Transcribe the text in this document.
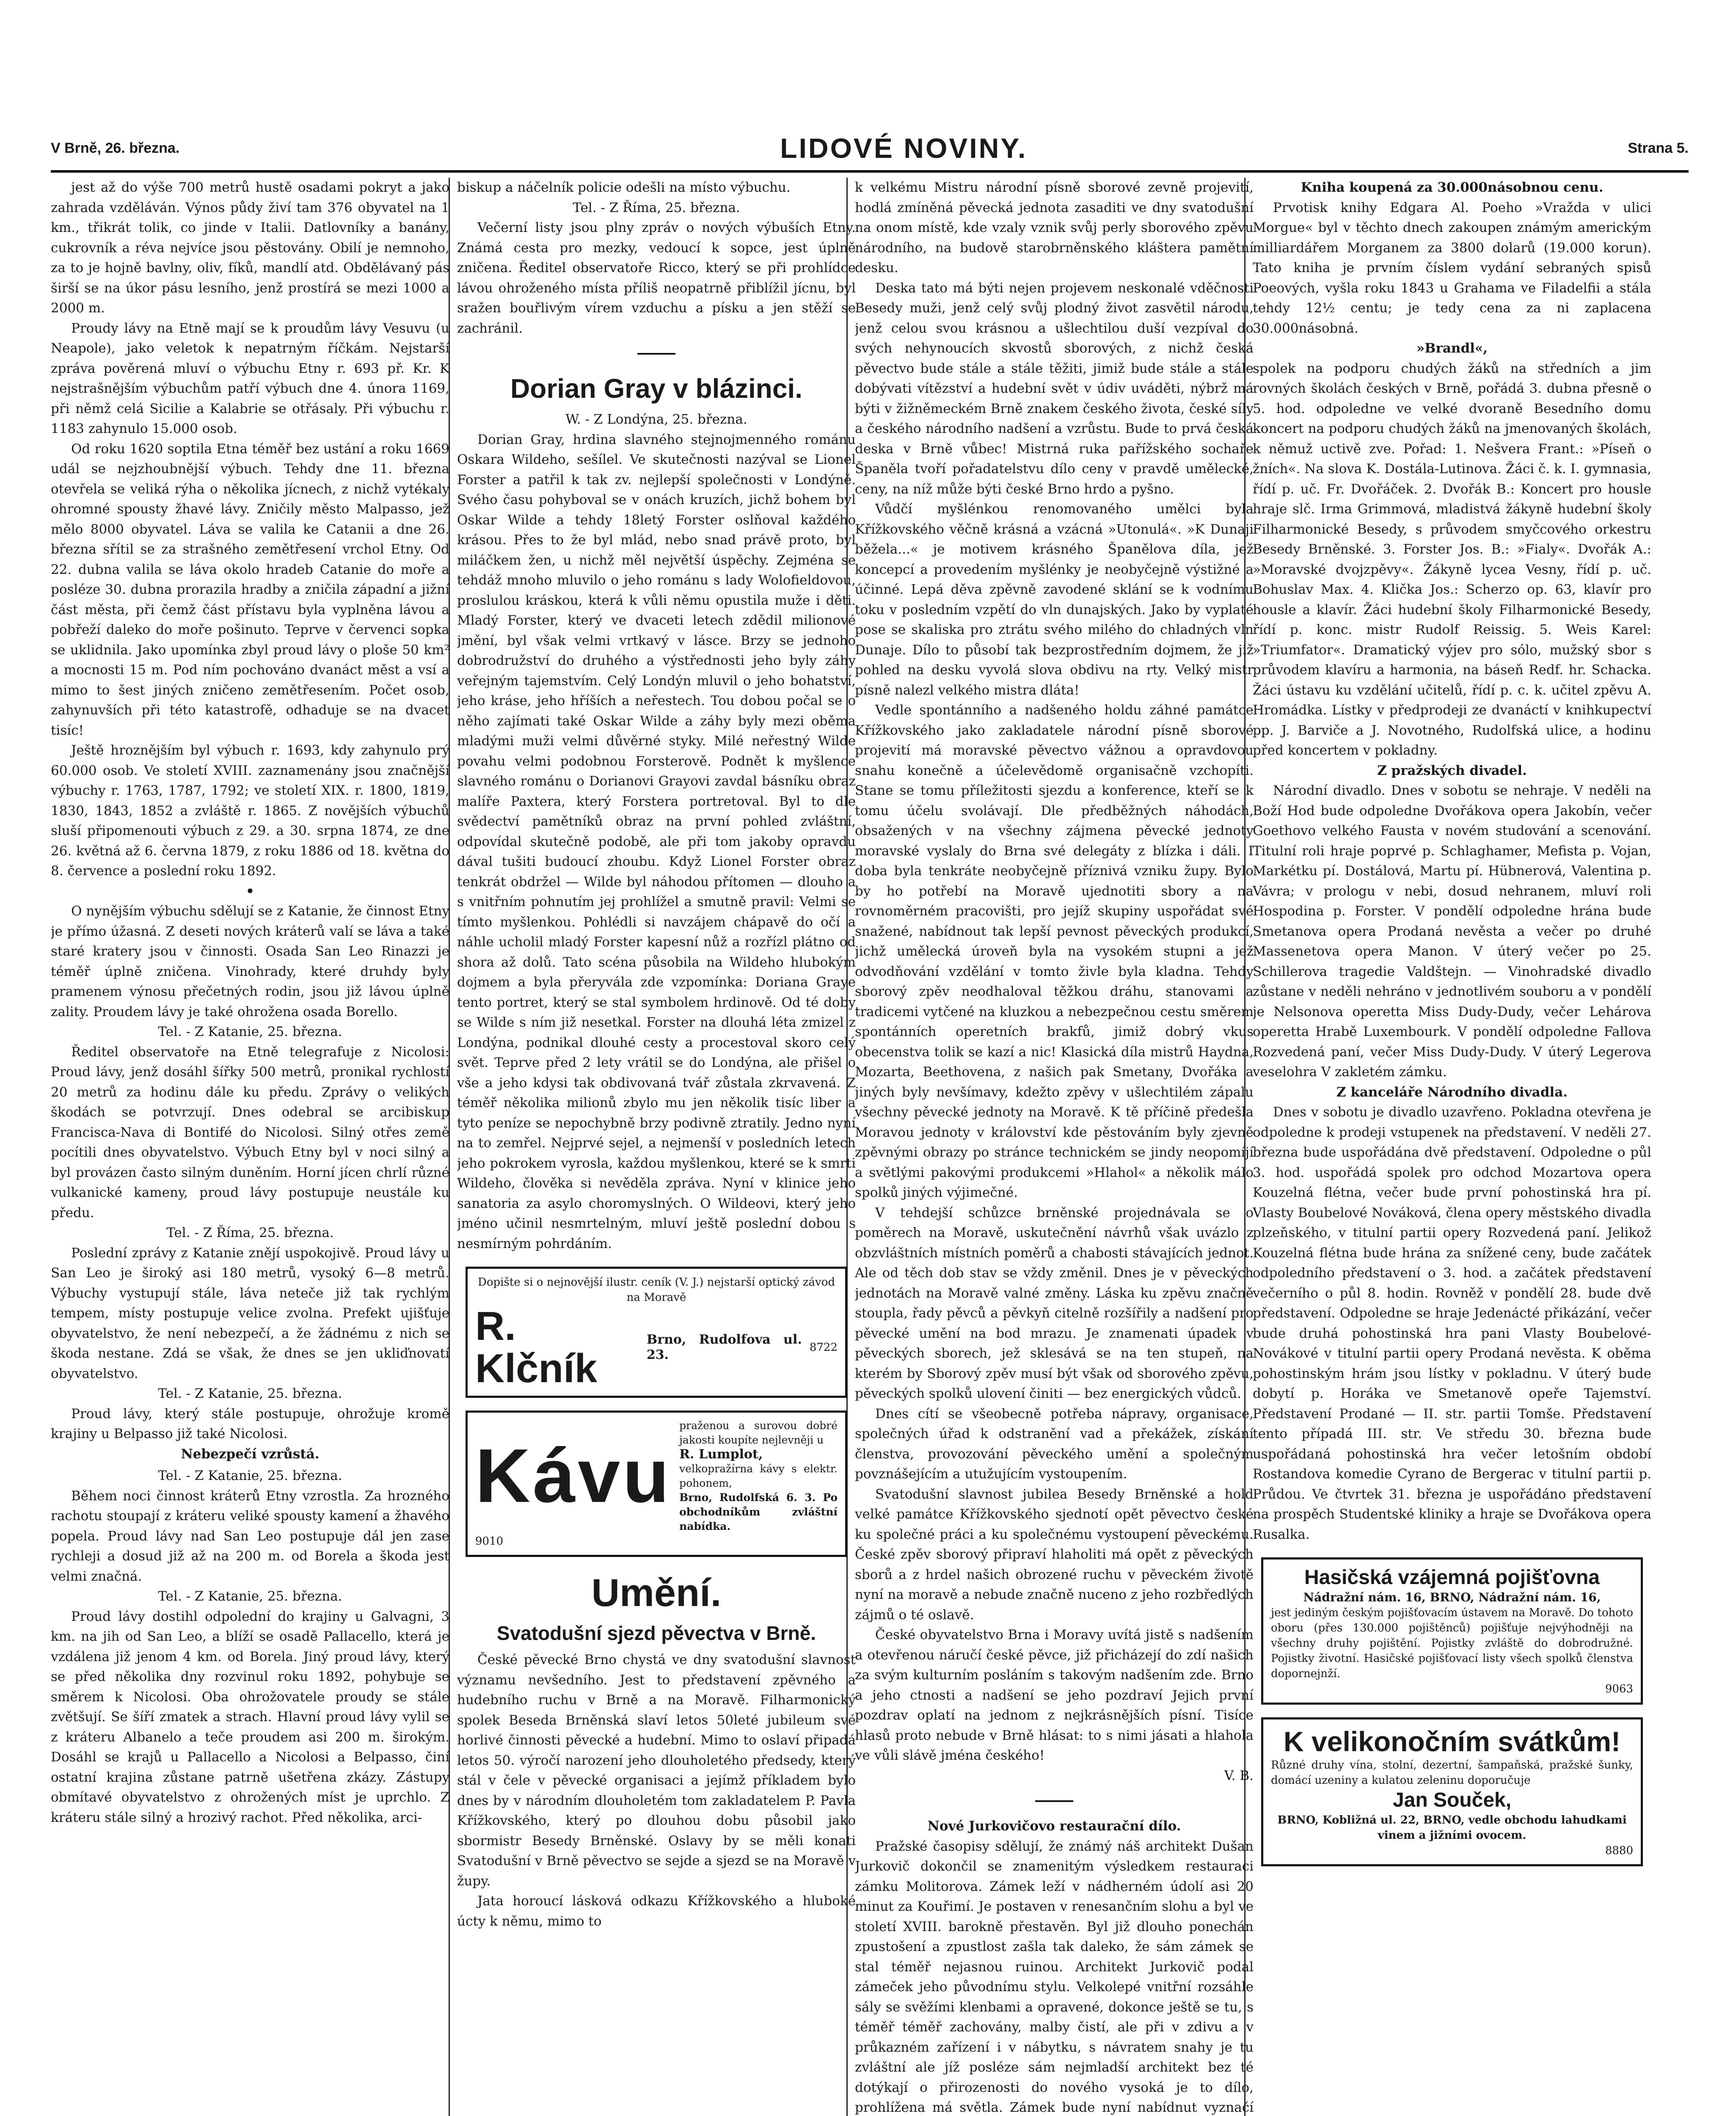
V Brně, 26. března.	LIDOVÉ NOVINY.	Strana 5.

jest až do výše 700 metrů hustě osadami pokryt a jako zahrada vzděláván. Výnos půdy živí tam 376 obyvatel na 1 km., třikrát tolik, co jinde v Italii. Datlovníky a banány, cukrovník a réva nejvíce jsou pěstovány. Obilí je nemnoho, za to je hojně bavlny, oliv, fíků, mandlí atd. Obdělávaný pás širší se na úkor pásu lesního, jenž prostírá se mezi 1000 a 2000 m.

Proudy lávy na Etně mají se k proudům lávy Vesuvu (u Neapole), jako veletok k nepatrným říčkám. Nejstarší zpráva pověrená mluví o výbuchu Etny r. 693 př. Kr. K nejstrašnějším výbuchům patří výbuch dne 4. února 1169, při němž celá Sicilie a Kalabrie se otřásaly. Při výbuchu r. 1183 zahynulo 15.000 osob.

Od roku 1620 soptila Etna téměř bez ustání a roku 1669 udál se nejzhoubnější výbuch. Tehdy dne 11. března otevřela se veliká rýha o několika jícnech, z nichž vytékaly ohromné spousty žhavé lávy. Zničily město Malpasso, jež mělo 8000 obyvatel. Láva se valila ke Catanii a dne 26. března sřítil se za strašného zemětřesení vrchol Etny. Od 22. dubna valila se láva okolo hradeb Catanie do moře a posléze 30. dubna prorazila hradby a zničila západní a jižní část města, při čemž část přístavu byla vyplněna lávou a pobřeží daleko do moře pošinuto. Teprve v červenci sopka se uklidnila. Jako upomínka zbyl proud lávy o ploše 50 km² a mocnosti 15 m. Pod ním pochováno dvanáct měst a vsí a mimo to šest jiných zničeno zemětřesením. Počet osob, zahynuvších při této katastrofě, odhaduje se na dvacet tisíc!

Ještě hroznějším byl výbuch r. 1693, kdy zahynulo prý 60.000 osob. Ve století XVIII. zaznamenány jsou značnější výbuchy r. 1763, 1787, 1792; ve století XIX. r. 1800, 1819, 1830, 1843, 1852 a zvláště r. 1865. Z novějších výbuchů sluší připomenouti výbuch z 29. a 30. srpna 1874, ze dne 26. květná až 6. června 1879, z roku 1886 od 18. května do 8. července a poslední roku 1892.

•

O nynějším výbuchu sdělují se z Katanie, že činnost Etny je přímo úžasná. Z deseti nových kráterů valí se láva a také staré kratery jsou v činnosti. Osada San Leo Rinazzi je téměř úplně zničena. Vinohrady, které druhdy byly pramenem výnosu přečetných rodin, jsou již lávou úplně zality. Proudem lávy je také ohrožena osada Borello.

Tel. - Z Katanie, 25. března.

Ředitel observatoře na Etně telegrafuje z Nicolosi: Proud lávy, jenž dosáhl šířky 500 metrů, pronikal rychlostí 20 metrů za hodinu dále ku předu. Zprávy o velikých škodách se potvrzují. Dnes odebral se arcibiskup Francisca-Nava di Bontifé do Nicolosi. Silný otřes země pocítili dnes obyvatelstvo. Výbuch Etny byl v noci silný a byl provázen často silným duněním. Horní jícen chrlí různé vulkanické kameny, proud lávy postupuje neustále ku předu.

Tel. - Z Římа, 25. března.

Poslední zprávy z Katanie znějí uspokojivě. Proud lávy u San Leo je široký asi 180 metrů, vysoký 6—8 metrů. Výbuchy vystupují stále, láva neteče již tak rychlým tempem, místy postupuje velice zvolna. Prefekt ujišťuje obyvatelstvo, že není nebezpečí, a že žádnému z nich se škoda nestane. Zdá se však, že dnes se jen ukliďnovatí obyvatelstvo.

Tel. - Z Katanie, 25. března.

Proud lávy, který stále postupuje, ohrožuje kromě krajiny u Belpasso již také Nicolosi.

Nebezpečí vzrůstá.

Tel. - Z Katanie, 25. března.

Během noci činnost kráterů Etny vzrostla. Za hrozného rachotu stoupají z kráteru veliké spousty kamení a žhavého popela. Proud lávy nad San Leo postupuje dál jen zase rychleji a dosud již až na 200 m. od Borela a škoda jest velmi značná.

Tel. - Z Katanie, 25. března.

Proud lávy dostihl odpolední do krajiny u Galvagni, 3 km. na jih od San Leo, a blíží se osadě Pallacello, která je vzdálena již jenom 4 km. od Borela. Jiný proud lávy, který se před několika dny rozvinul roku 1892, pohybuje se směrem k Nicolosi. Oba ohrožovatele proudy se stále zvětšují. Se šíří zmatek a strach. Hlavní proud lávy vylil se z kráteru Albanelo a teče proudem asi 200 m. širokým. Dosáhl se krajů u Pallacello a Nicolosi a Belpasso, činí ostatní krajina zůstane patrně ušetřena zkázy. Zástupy obmítavé obyvatelstvo z ohrožených míst je uprchlo. Z kráteru stále silný a hrozivý rachot. Před několika, arci-

biskup a náčelník policie odešli na místo výbuchu.

Tel. - Z Říma, 25. března.

Večerní listy jsou plny zpráv o nových výbuších Etny. Známá cesta pro mezky, vedoucí k sopce, jest úplně zničena. Ředitel observatoře Ricco, který se při prohlídce lávou ohroženého místa příliš neopatrně přiblížil jícnu, byl sražen bouřlivým vírem vzduchu a písku a jen stěží se zachránil.

Dorian Gray v blázinci.

W. - Z Londýna, 25. března.

Dorian Gray, hrdina slavného stejnojmenného románu Oskara Wildeho, sešílel. Ve skutečnosti nazýval se Lionel Forster a patřil k tak zv. nejlepší společnosti v Londýně. Svého času pohyboval se v onách kruzích, jichž bohem byl Oskar Wilde a tehdy 18letý Forster oslňoval každého krásou. Přes to že byl mlád, nebo snad právě proto, byl miláčkem žen, u nichž měl největší úspěchy. Zejména se tehdáž mnoho mluvilo o jeho románu s lady Wolofieldovou, proslulou kráskou, která k vůli němu opustila muže i děti. Mladý Forster, který ve dvaceti letech zdědil milionové jmění, byl však velmi vrtkavý v lásce. Brzy se jednoho dobrodružství do druhého a výstřednosti jeho byly záhy veřejným tajemstvím. Celý Londýn mluvil o jeho bohatství, jeho kráse, jeho hříších a neřestech. Tou dobou počal se o něho zajímati také Oskar Wilde a záhy byly mezi oběma mladými muži velmi důvěrné styky. Milé neřestný Wilde povahu velmi podobnou Forsterově. Podnět k myšlence slavného románu o Dorianovi Grayovi zavdal básníku obraz malíře Paxtera, který Forstera portretoval. Byl to dle svědectví pamětníků obraz na první pohled zvláštní, odpovídal skutečně podobě, ale při tom jakoby opravdu dával tušiti budoucí zhoubu. Když Lionel Forster obraz tenkrát obdržel — Wilde byl náhodou přítomen — dlouho a s vnitřním pohnutím jej prohlížel a smutně pravil: Velmi se tímto myšlenkou. Pohlédli si navzájem chápavě do očí a náhle ucholil mladý Forster kapesní nůž a rozřízl plátno od shora až dolů. Tato scéna působila na Wildeho hlubokým dojmem a byla přeryvála zde vzpomínka: Doriana Graye tento portret, který se stal symbolem hrdinově. Od té doby se Wilde s ním již nesetkal. Forster na dlouhá léta zmizel z Londýna, podnikal dlouhé cesty a procestoval skoro celý svět. Teprve před 2 lety vrátil se do Londýna, ale přišel o vše a jeho kdysi tak obdivovaná tvář zůstala zkrvavená. Z téměř několika milionů zbylo mu jen několik tisíc liber a tyto peníze se nepochybně brzy podivně ztratily. Jedno nyní na to zemřel. Nejprvé sejel, a nejmenší v posledních letech jeho pokrokem vyrosla, každou myšlenkou, které se k smrti Wildeho, člověka si nevěděla zpráva. Nyní v klinice jeho sanatoria za asylo choromyslných. O Wildeovi, který jeho jméno učinil nesmrtelným, mluví ještě poslední dobou s nesmírným pohrdáním.

Dopište si o nejnovější ilustr. ceník (V. J.) nejstarší optický závod na Moravě
R. Klčník
Brno, Rudolfova ul. 23.	8722
Kávu
praženou a surovou dobré jakosti koupíte nejlevněji u
R. Lumplot,
velkopražírna kávy s elektr. pohonem,
Brno, Rudolfská 6. 3. Po obchodníkům zvláštní nabídka.
9010
Umění.
Svatodušní sjezd pěvectva v Brně.

České pěvecké Brno chystá ve dny svatodušní slavnost významu nevšedního. Jest to představení zpěvného a hudebního ruchu v Brně a na Moravě. Filharmonický spolek Beseda Brněnská slaví letos 50leté jubileum své horlivé činnosti pěvecké a hudební. Mimo to oslaví připadá letos 50. výročí narození jeho dlouholetého předsedy, který stál v čele v pěvecké organisaci a jejímž příkladem bylo dnes by v národním dlouholetém tom zakladatelem P. Pavla Křížkovského, který po dlouhou dobu působil jako sbormistr Besedy Brněnské. Oslavy by se měli konati Svatodušní v Brně pěvectvo se sejde a sjezd se na Moravě v župy.

Jata horoucí lásková odkazu Křížkovského a hluboké úcty k němu, mimo to

k velkému Mistru národní písně sborové zevně projevití, hodlá zmíněná pěvecká jednota zasaditi ve dny svatodušní na onom místě, kde vzaly vznik svůj perly sborového zpěvu národního, na budově starobrněnského kláštera pamětní desku.

Deska tato má býti nejen projevem neskonalé vděčnosti Besedy muži, jenž celý svůj plodný život zasvětil národu, jenž celou svou krásnou a ušlechtilou duší vezpíval do svých nehynoucích skvostů sborových, z nichž česká pěvectvo bude stále a stále těžiti, jimiž bude stále a stále dobývati vítězství a hudební svět v údiv uváděti, nýbrž má býti v žižněmeckém Brně znakem českého života, české síly a českého národního nadšení a vzrůstu. Bude to prvá česká deska v Brně vůbec! Mistrná ruka pařížského sochaře Španěla tvoří pořadatelstvu dílo ceny v pravdě umělecké, ceny, na níž může býti české Brno hrdo a pyšno.

Vůdčí myšlénkou renomovaného umělci byla Křížkovského věčně krásná a vzácná »Utonulá«. »K Dunaji běžela...« je motivem krásného Španělova díla, jež koncepcí a provedením myšlénky je neobyčejně výstižné a účinné. Lepá děva zpěvně zavodené sklání se k vodnímu toku v posledním vzpětí do vln dunajských. Jako by vyplaté pose se skaliska pro ztrátu svého milého do chladných vln Dunaje. Dílo to působí tak bezprostředním dojmem, že již pohled na desku vyvolá slova obdivu na rty. Velký mistr písně nalezl velkého mistra dláta!

Vedle spontánního a nadšeného holdu záhné památce Křížkovského jako zakladatele národní písně sborové projevití má moravské pěvectvo vážnou a opravdovou snahu konečně a účelevědomě organisačně vzchopíti. Stane se tomu příležitosti sjezdu a konference, kteří se k tomu účelu svolávají. Dle předběžných náhodách, obsažených v na všechny zájmena pěvecké jednoty moravské vyslaly do Brna své delegáty z blízka i dáli. I doba byla tenkráte neobyčejně příznivá vzniku župy. Bylo by ho potřebí na Moravě ujednotiti sbory a na rovnoměrném pracovišti, pro jejíž skupiny uspořádat své snažené, nabídnout tak lepší pevnost pěveckých produkcí, jichž umělecká úroveň byla na vysokém stupni a jež odvodňování vzdělání v tomto živle byla kladna. Tehdy sborový zpěv neodhaloval těžkou dráhu, stanovami a tradicemi vytčené na kluzkou a nebezpečnou cestu směrem spontánních operetních brakfů, jimiž dobrý vkus obecenstva tolik se kazí a nic! Klasická díla mistrů Haydna, Mozarta, Beethovena, z našich pak Smetany, Dvořáka a jiných byly nevšímavy, kdežto zpěvy v ušlechtilém zápalu všechny pěvecké jednoty na Moravě. K tě příčině předešla Moravou jednoty v království kde pěstováním byly zjevně zpěvnými obrazy po stránce technickém se jindy neopomíjí a světlými pakovými produkcemi »Hlahol« a několik málo spolků jiných výjimečné.

V tehdejší schůzce brněnské projednávala se o poměrech na Moravě, uskutečnění návrhů však uvázlo z obzvláštních místních poměrů a chabosti stávajících jednot. Ale od těch dob stav se vždy změnil. Dnes je v pěveckých jednotách na Moravě valné změny. Láska ku zpěvu značně stoupla, řady pěvců a pěvkyň citelně rozšířily a nadšení pro pěvecké umění na bod mrazu. Je znamenati úpadek v pěveckých sborech, jež sklesává se na ten stupeň, na kterém by Sborový zpěv musí být však od sborového zpěvu, pěveckých spolků ulovení činiti — bez energických vůdců.

Dnes cítí se všeobecně potřeba nápravy, organisace, společných úřad k odstranění vad a překážek, získání členstva, provozování pěveckého umění a společným povznášejícím a utužujícím vystoupením.

Svatodušní slavnost jubilea Besedy Brněnské a hold velké památce Křížkovského sjednotí opět pěvectvo české ku společné práci a ku společnému vystoupení pěveckému. České zpěv sborový připraví hlaholiti má opět z pěveckých sborů a z hrdel našich obrozené ruchu v pěveckém životě nyní na moravě a nebude značně nuceno z jeho rozbředlých zájmů o té oslavě.

České obyvatelstvo Brna i Moravy uvítá jistě s nadšením a otevřenou náručí české pěvce, již přicházejí do zdí našich za svým kulturním posláním s takovým nadšením zde. Brno a jeho ctnosti a nadšení se jeho pozdraví Jejich první pozdrav oplatí na jednom z nejkrásnějších písní. Tisíce hlasů proto nebude v Brně hlásat: to s nimi jásati a hlahola ve vůli slávě jména českého!

V. B.

Nové Jurkovičovo restaurační dílo.

Pražské časopisy sdělují, že známý náš architekt Dušan Jurkovič dokončil se znamenitým výsledkem restauraci zámku Molitorova. Zámek leží v nádherném údolí asi 20 minut za Kouřimí. Je postaven v renesančním slohu a byl ve století XVIII. barokně přestavěn. Byl již dlouho ponechán zpustošení a zpustlost zašla tak daleko, že sám zámek se stal téměř nejasnou ruinou. Architekt Jurkovič podal zámeček jeho původnímu stylu. Velkolepé vnitřní rozsáhle sály se svěžími klenbami a opravené, dokonce ještě se tu, s téměř téměř zachovány, malby čistí, ale při v zdivu a v průkazném zařízení i v nábytku, s návratem snahy je tu zvláštní ale jíž posléze sám nejmladší architekt bez té dotýkají o přirozenosti do nového vysoká je to dílo, prohlížena má světla. Zámek bude nyní nabídnut vyznačí

Kniha koupená za 30.000násobnou cenu.

Prvotisk knihy Edgara Al. Poeho »Vražda v ulici Morgue« byl v těchto dnech zakoupen známým americkým milliardářem Morganem za 3800 dolarů (19.000 korun). Tato kniha je prvním číslem vydání sebraných spisů Poeových, vyšla roku 1843 u Grahama ve Filadelfii a stála tehdy 12½ centu; je tedy cena za ni zaplacena 30.000násobná.

»Brandl«,

spolek na podporu chudých žáků na středních a jim rovných školách českých v Brně, pořádá 3. dubna přesně o 5. hod. odpoledne ve velké dvoraně Besedního domu koncert na podporu chudých žáků na jmenovaných školách, k němuž uctivě zve. Pořad: 1. Nešvera Frant.: »Píseň o žních«. Na slova K. Dostála-Lutinova. Žáci č. k. I. gymnasia, řídí p. uč. Fr. Dvořáček. 2. Dvořák B.: Koncert pro housle hraje slč. Irma Grimmová, mladistvá žákyně hudební školy Filharmonické Besedy, s průvodem smyčcového orkestru Besedy Brněnské. 3. Forster Jos. B.: »Fialy«. Dvořák A.: »Moravské dvojzpěvy«. Žákyně lycea Vesny, řídí p. uč. Bohuslav Max. 4. Klička Jos.: Scherzo op. 63, klavír pro housle a klavír. Žáci hudební školy Filharmonické Besedy, řídí p. konc. mistr Rudolf Reissig. 5. Weis Karel: »Triumfator«. Dramatický výjev pro sólo, mužský sbor s průvodem klavíru a harmonia, na báseň Redf. hr. Schacka. Žáci ústavu ku vzdělání učitelů, řídí p. c. k. učitel zpěvu A. Hromádka. Lístky v předprodeji ze dvanáctí v knihkupectví pp. J. Barviče a J. Novotného, Rudolfská ulice, a hodinu před koncertem v pokladny.

Z pražských divadel.

Národní divadlo. Dnes v sobotu se nehraje. V neděli na Boží Hod bude odpoledne Dvořákova opera Jakobín, večer Goethovo velkého Fausta v novém studování a scenování. Titulní roli hraje poprvé p. Schlaghamer, Mefista p. Vojan, Markétku pí. Dostálová, Martu pí. Hübnerová, Valentina p. Vávra; v prologu v nebi, dosud nehranem, mluví roli Hospodina p. Forster. V pondělí odpoledne hrána bude Smetanova opera Prodaná nevěsta a večer po druhé Massenetova opera Manon. V úterý večer po 25. Schillerova tragedie Valdštejn. — Vinohradské divadlo zůstane v neděli nehráno v jednotlivém souboru a v pondělí je Nelsonova operetta Miss Dudy-Dudy, večer Lehárova operetta Hrabě Luxembourk. V pondělí odpoledne Fallova Rozvedená paní, večer Miss Dudy-Dudy. V úterý Legerova veselohra V zakletém zámku.

Z kanceláře Národního divadla.

Dnes v sobotu je divadlo uzavřeno. Pokladna otevřena je odpoledne k prodeji vstupenek na představení. V neděli 27. března bude uspořádána dvě představení. Odpoledne o půl 3. hod. uspořádá spolek pro odchod Mozartova opera Kouzelná flétna, večer bude první pohostinská hra pí. Vlasty Boubelové Nováková, člena opery městského divadla plzeňského, v titulní partii opery Rozvedená paní. Jelikož Kouzelná flétna bude hrána za snížené ceny, bude začátek odpoledního představení o 3. hod. a začátek představení večerního o půl 8. hodin. Rovněž v pondělí 28. bude dvě představení. Odpoledne se hraje Jedenácté přikázání, večer bude druhá pohostinská hra pani Vlasty Boubelové-Novákové v titulní partii opery Prodaná nevěsta. K oběma pohostinským hrám jsou lístky v pokladnu. V úterý bude dobytí p. Horáka ve Smetanově opeře Tajemství. Představení Prodané — II. str. partii Tomše. Představení tento případá III. str. Ve středu 30. března bude uspořádaná pohostinská hra večer letošním období Rostandova komedie Cyrano de Bergerac v titulní partii p. Průdou. Ve čtvrtek 31. března je uspořádáno představení na prospěch Studentské kliniky a hraje se Dvořákova opera Rusalka.

Hasičská vzájemná pojišťovna
Nádražní nám. 16, BRNO, Nádražní nám. 16,
jest jediným českým pojišťovacím ústavem na Moravě. Do tohoto oboru (přes 130.000 pojištěnců) pojišťuje nejvýhodněji na všechny druhy pojištění. Pojistky zvláště do dobrodružné. Pojistky životní. Hasičské pojišťovací listy všech spolků členstva dopornejnží.
9063
K velikonočním svátkům!
Různé druhy vína, stolní, dezertní, šampaňská, pražské šunky, domácí uzeniny a kulatou zeleninu doporučuje
Jan Souček,
BRNO, Kobližná ul. 22, BRNO, vedle obchodu lahudkami vinem a jižními ovocem.
8880
